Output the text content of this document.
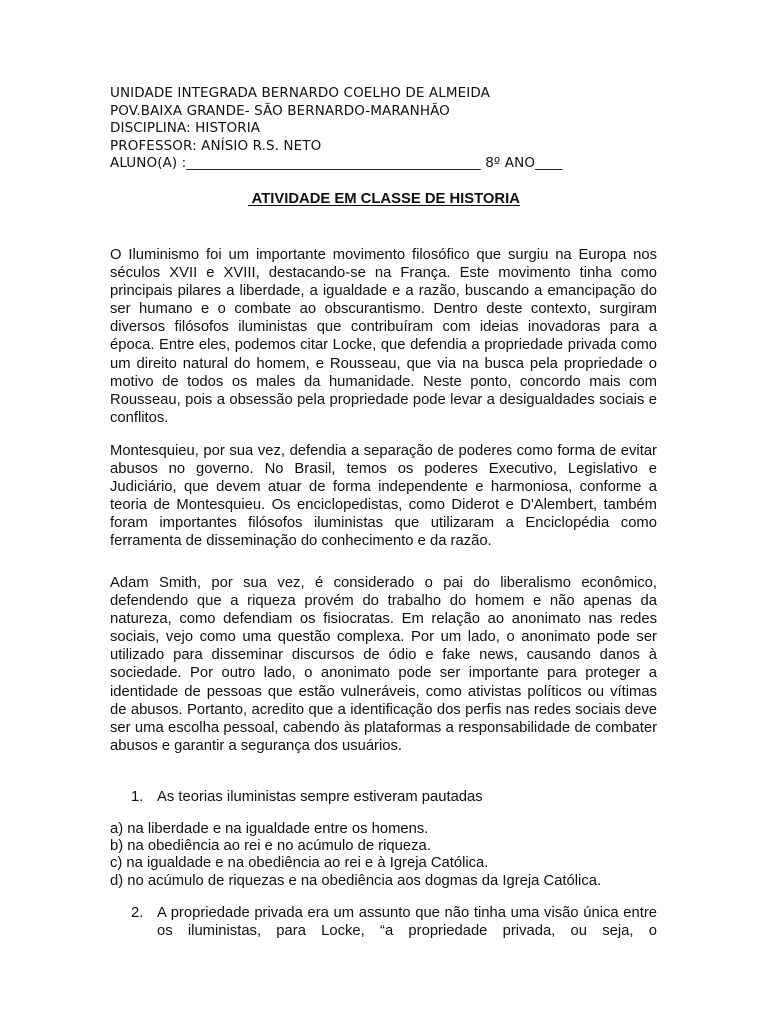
UNIDADE INTEGRADA BERNARDO COELHO DE ALMEIDA
POV.BAIXA GRANDE- SÃO BERNARDO-MARANHÃO
DISCIPLINA: HISTORIA
PROFESSOR: ANÍSIO R.S. NETO
ALUNO(A) :___________________________________________ 8º ANO____
ATIVIDADE EM CLASSE DE HISTORIA
O Iluminismo foi um importante movimento filosófico que surgiu na Europa nos séculos XVII e XVIII, destacando-se na França. Este movimento tinha como principais pilares a liberdade, a igualdade e a razão, buscando a emancipação do ser humano e o combate ao obscurantismo. Dentro deste contexto, surgiram diversos filósofos iluministas que contribuíram com ideias inovadoras para a época. Entre eles, podemos citar Locke, que defendia a propriedade privada como um direito natural do homem, e Rousseau, que via na busca pela propriedade o motivo de todos os males da humanidade. Neste ponto, concordo mais com Rousseau, pois a obsessão pela propriedade pode levar a desigualdades sociais e conflitos.
Montesquieu, por sua vez, defendia a separação de poderes como forma de evitar abusos no governo. No Brasil, temos os poderes Executivo, Legislativo e Judiciário, que devem atuar de forma independente e harmoniosa, conforme a teoria de Montesquieu. Os enciclopedistas, como Diderot e D'Alembert, também foram importantes filósofos iluministas que utilizaram a Enciclopédia como ferramenta de disseminação do conhecimento e da razão.
Adam Smith, por sua vez, é considerado o pai do liberalismo econômico, defendendo que a riqueza provém do trabalho do homem e não apenas da natureza, como defendiam os fisiocratas. Em relação ao anonimato nas redes sociais, vejo como uma questão complexa. Por um lado, o anonimato pode ser utilizado para disseminar discursos de ódio e fake news, causando danos à sociedade. Por outro lado, o anonimato pode ser importante para proteger a identidade de pessoas que estão vulneráveis, como ativistas políticos ou vítimas de abusos. Portanto, acredito que a identificação dos perfis nas redes sociais deve ser uma escolha pessoal, cabendo às plataformas a responsabilidade de combater abusos e garantir a segurança dos usuários.
1. As teorias iluministas sempre estiveram pautadas
a) na liberdade e na igualdade entre os homens.
b) na obediência ao rei e no acúmulo de riqueza.
c) na igualdade e na obediência ao rei e à Igreja Católica.
d) no acúmulo de riquezas e na obediência aos dogmas da Igreja Católica.
2. A propriedade privada era um assunto que não tinha uma visão única entre os iluministas, para Locke, “a propriedade privada, ou seja, o
